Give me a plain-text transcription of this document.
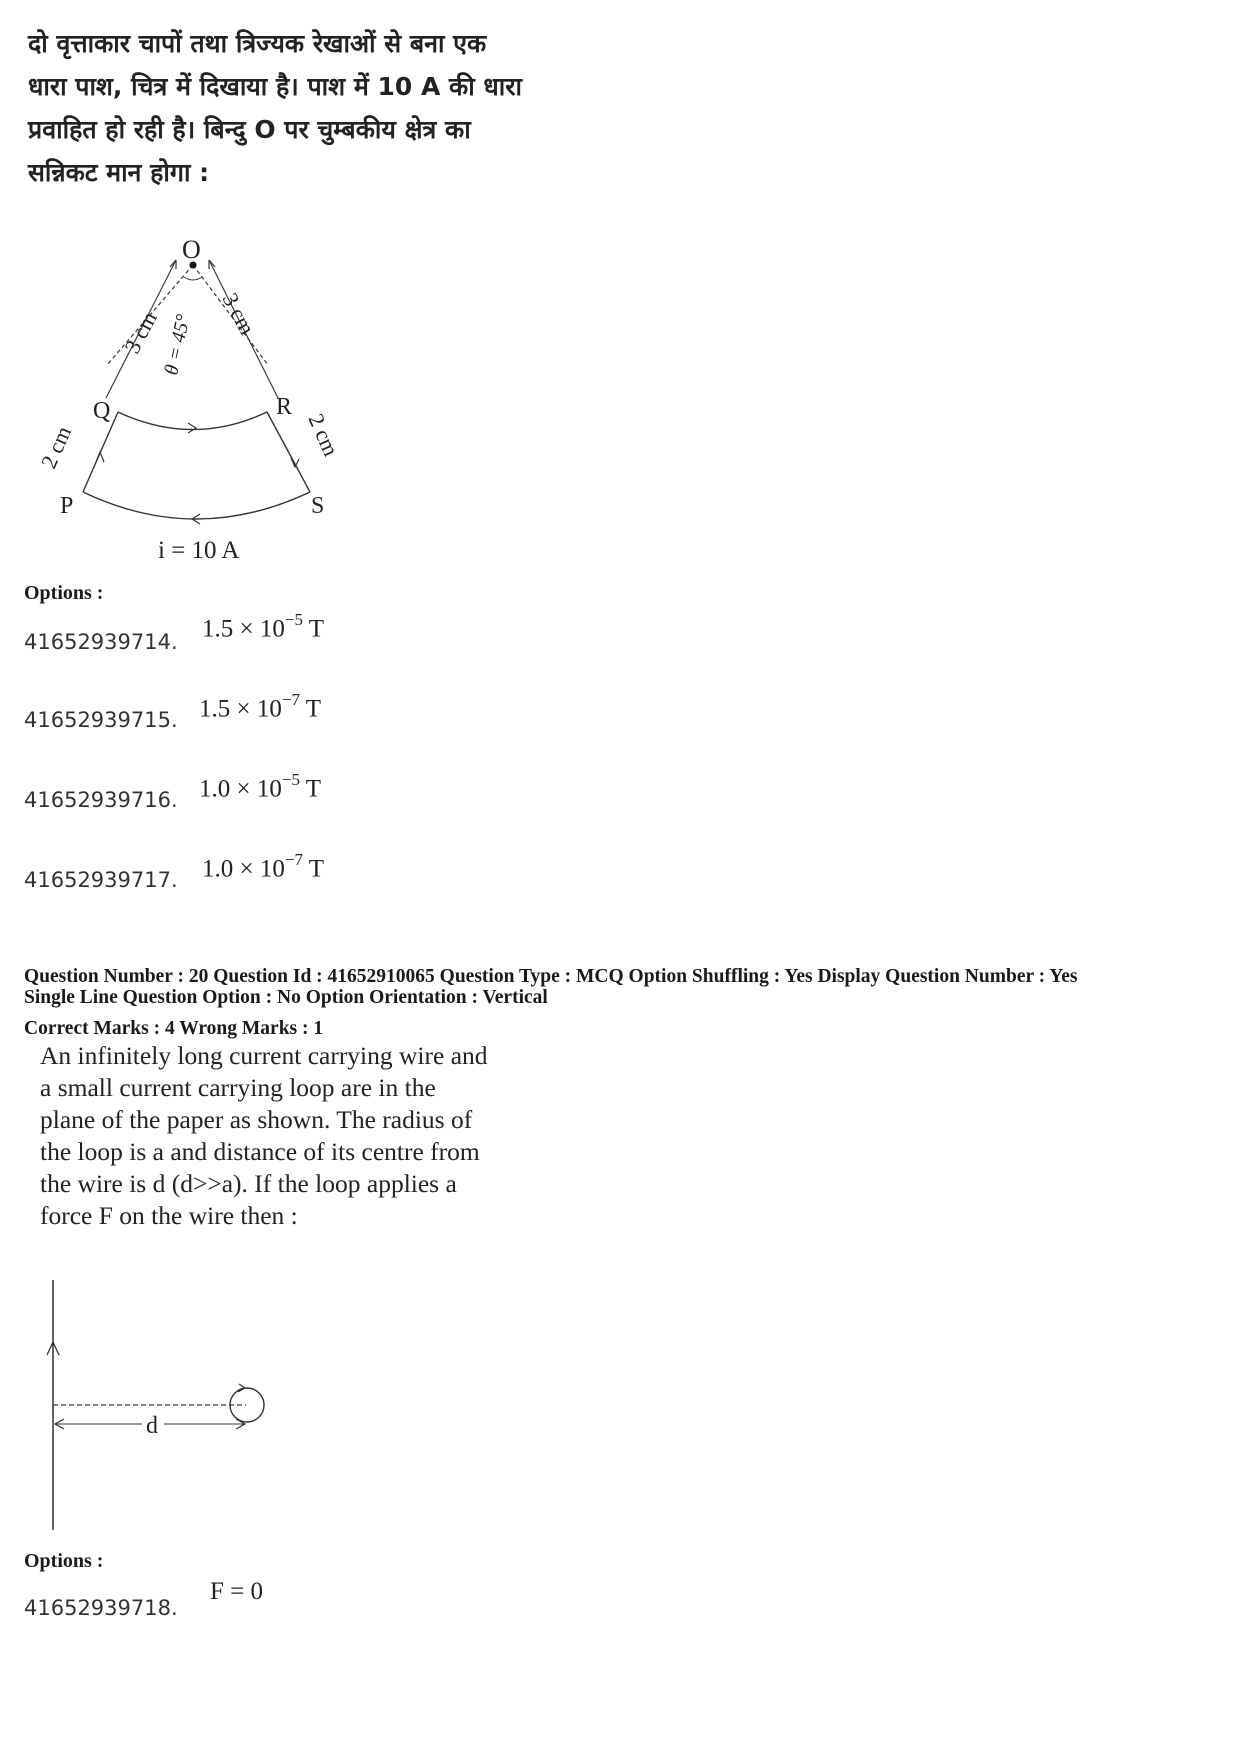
दो वृत्ताकार चापों तथा त्रिज्यक रेखाओं से बना एक
धारा पाश, चित्र में दिखाया है। पाश में 10 A की धारा
प्रवाहित हो रही है। बिन्दु O पर चुम्बकीय क्षेत्र का
सन्निकट मान होगा :
O
Q	R
P	S
3 cm	3 cm
2 cm	2 cm
θ = 45°
i = 10 A
Options :
41652939714. $1.5 \times 10^{-5}$ T
41652939715. $1.5 \times 10^{-7}$ T
41652939716. $1.0 \times 10^{-5}$ T
41652939717. $1.0 \times 10^{-7}$ T
Question Number : 20 Question Id : 41652910065 Question Type : MCQ Option Shuffling : Yes Display Question Number : Yes
Single Line Question Option : No Option Orientation : Vertical
Correct Marks : 4 Wrong Marks : 1
An infinitely long current carrying wire and
a small current carrying loop are in the
plane of the paper as shown. The radius of
the loop is a and distance of its centre from
the wire is d (d>>a). If the loop applies a
force F on the wire then :
d
Options :
41652939718.
F = 0
